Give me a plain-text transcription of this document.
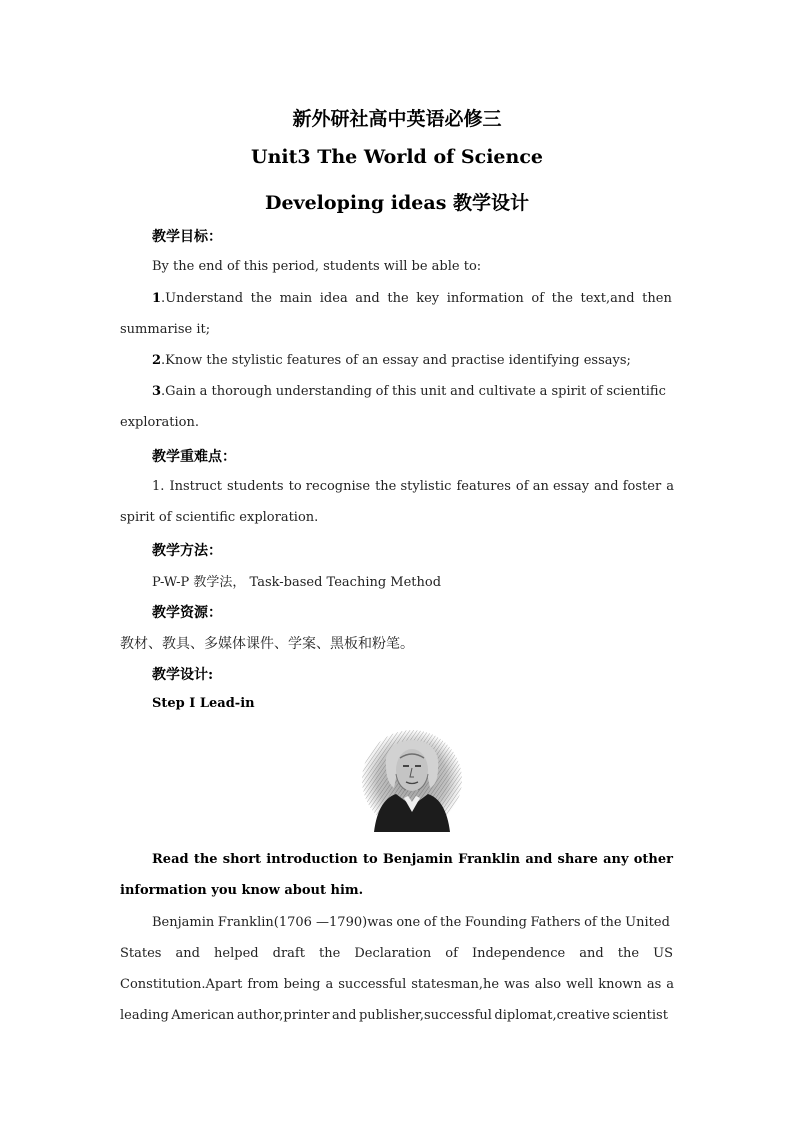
新外研社高中英语必修三
Unit3 The World of Science
Developing ideas 教学设计
教学目标：
By the end of this period, students will be able to:
1.Understand the main idea and the key information of the text,and then
summarise it;
2.Know the stylistic features of an essay and practise identifying essays;
3.Gain a thorough understanding of this unit and cultivate a spirit of scientific
exploration.
教学重难点：
1. Instruct students to recognise the stylistic features of an essay and foster a
spirit of scientific exploration.
教学方法：
P-W-P 教学法， Task-based Teaching Method
教学资源：
教材、教具、多媒体课件、学案、黑板和粉笔。
教学设计:
Step Ⅰ Lead-in
Read the short introduction to Benjamin Franklin and share any other
information you know about him.
Benjamin Franklin(1706 —1790)was one of the Founding Fathers of the United
States and helped draft the Declaration of Independence and the US
Constitution.Apart from being a successful statesman,he was also well known as a
leading American author,printer and publisher,successful diplomat,creative scientist
